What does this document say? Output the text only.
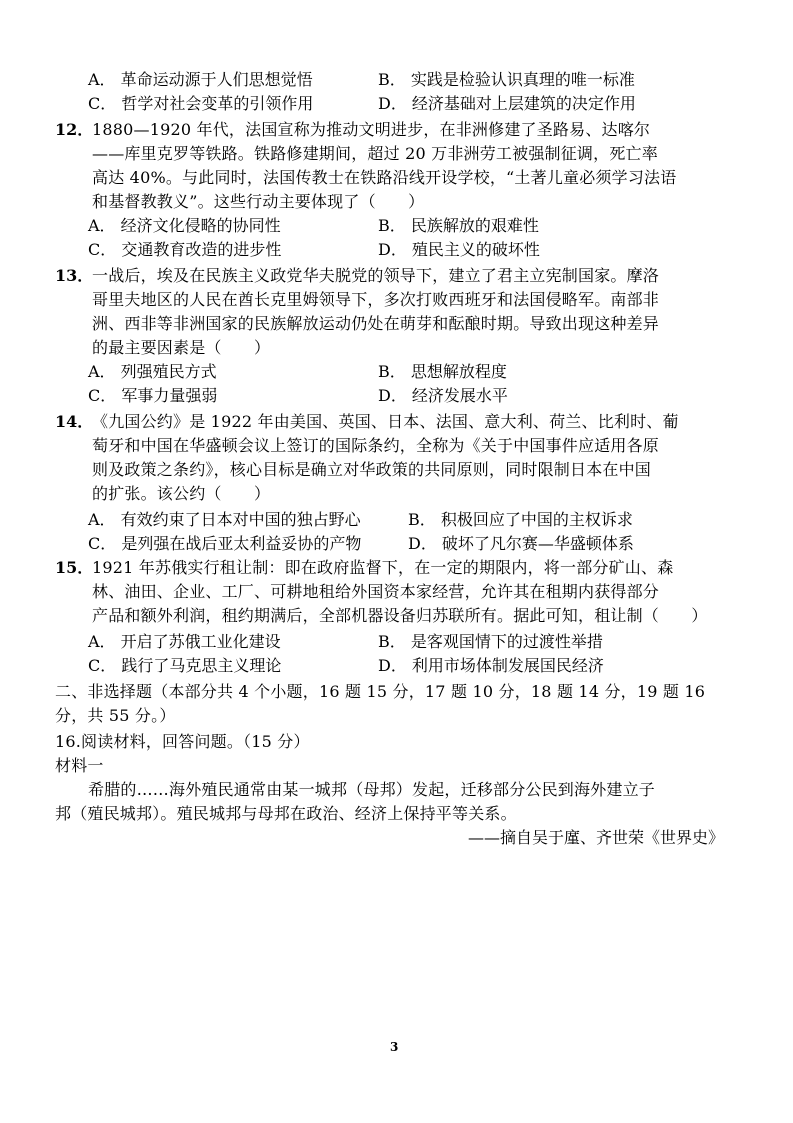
A． 革命运动源于人们思想觉悟	B． 实践是检验认识真理的唯一标准
C． 哲学对社会变革的引领作用	D． 经济基础对上层建筑的决定作用
12．
1880—1920 年代，法国宣称为推动文明进步，在非洲修建了圣路易、达喀尔
——库里克罗等铁路。铁路修建期间，超过 20 万非洲劳工被强制征调，死亡率
高达 40%。与此同时，法国传教士在铁路沿线开设学校，“土著儿童必须学习法语
和基督教教义”。这些行动主要体现了（　　）
A． 经济文化侵略的协同性	B． 民族解放的艰难性
C． 交通教育改造的进步性	D． 殖民主义的破坏性
13．
一战后，埃及在民族主义政党华夫脱党的领导下，建立了君主立宪制国家。摩洛
哥里夫地区的人民在酋长克里姆领导下，多次打败西班牙和法国侵略军。南部非
洲、西非等非洲国家的民族解放运动仍处在萌芽和酝酿时期。导致出现这种差异
的最主要因素是（　　）
A． 列强殖民方式	B． 思想解放程度
C． 军事力量强弱	D． 经济发展水平
14．
《九国公约》是 1922 年由美国、英国、日本、法国、意大利、荷兰、比利时、葡
萄牙和中国在华盛顿会议上签订的国际条约，全称为《关于中国事件应适用各原
则及政策之条约》，核心目标是确立对华政策的共同原则，同时限制日本在中国
的扩张。该公约（　　）
A． 有效约束了日本对中国的独占野心	B． 积极回应了中国的主权诉求
C． 是列强在战后亚太利益妥协的产物	D． 破坏了凡尔赛—华盛顿体系
15．
1921 年苏俄实行租让制：即在政府监督下，在一定的期限内，将一部分矿山、森
林、油田、企业、工厂、可耕地租给外国资本家经营，允许其在租期内获得部分
产品和额外利润，租约期满后，全部机器设备归苏联所有。据此可知，租让制（　　）
A． 开启了苏俄工业化建设	B． 是客观国情下的过渡性举措
C． 践行了马克思主义理论	D． 利用市场体制发展国民经济
二、非选择题（本部分共 4 个小题，16 题 15 分，17 题 10 分，18 题 14 分，19 题 16
分，共 55 分。）
16.阅读材料，回答问题。（15 分）
材料一
希腊的……海外殖民通常由某一城邦（母邦）发起，迁移部分公民到海外建立子
邦（殖民城邦）。殖民城邦与母邦在政治、经济上保持平等关系。
——摘自吴于廑、齐世荣《世界史》
3
